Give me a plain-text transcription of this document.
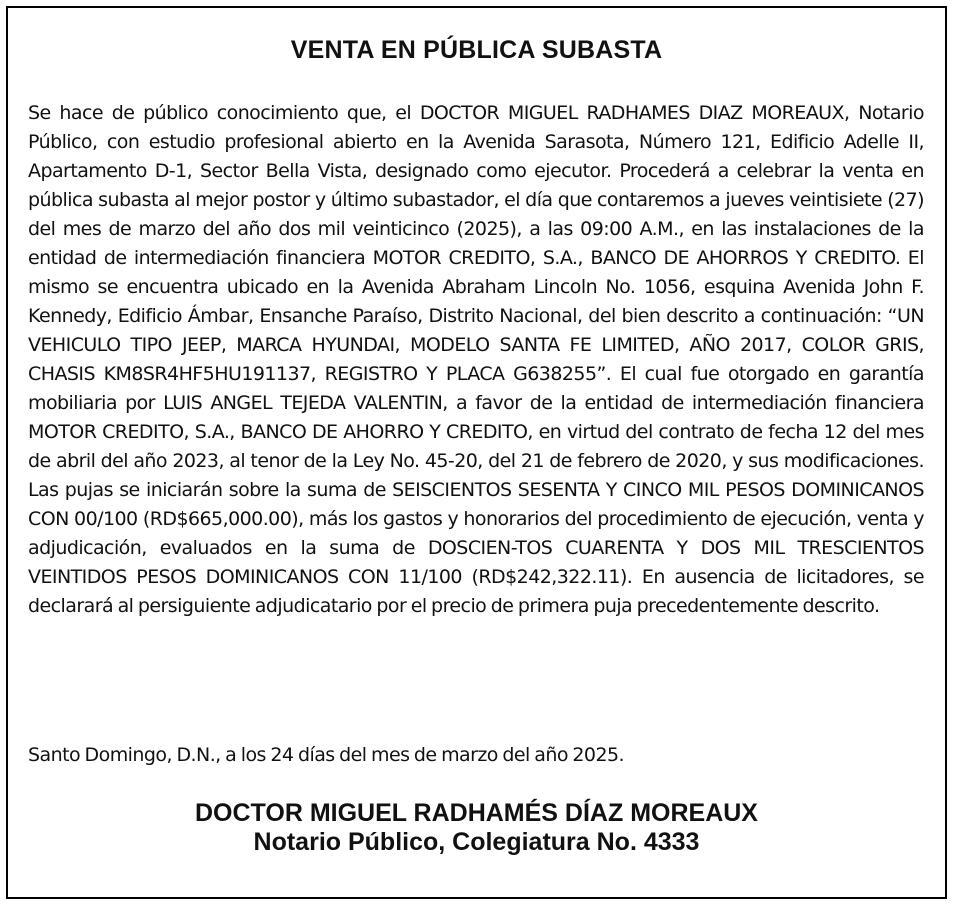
VENTA EN PÚBLICA SUBASTA
Se hace de público conocimiento que, el DOCTOR MIGUEL RADHAMES DIAZ MOREAUX, Notario Público, con estudio profesional abierto en la Avenida Sarasota, Número 121, Edificio Adelle II, Apartamento D-1, Sector Bella Vista, designado como ejecutor. Procederá a celebrar la venta en pública subasta al mejor postor y último subastador, el día que contaremos a jueves veintisiete (27) del mes de marzo del año dos mil veinticinco (2025), a las 09:00 A.M., en las instalaciones de la entidad de intermediación financiera MOTOR CREDITO, S.A., BANCO DE AHORROS Y CREDITO. El mismo se encuentra ubicado en la Avenida Abraham Lincoln No. 1056, esquina Avenida John F. Kennedy, Edificio Ámbar, Ensanche Paraíso, Distrito Nacional, del bien descrito a continuación: “UN VEHICULO TIPO JEEP, MARCA HYUNDAI, MODELO SANTA FE LIMITED, AÑO 2017, COLOR GRIS, CHASIS KM8SR4HF5HU191137, REGISTRO Y PLACA G638255”. El cual fue otorgado en garantía mobiliaria por LUIS ANGEL TEJEDA VALENTIN, a favor de la entidad de intermediación financiera MOTOR CREDITO, S.A., BANCO DE AHORRO Y CREDITO, en virtud del contrato de fecha 12 del mes de abril del año 2023, al tenor de la Ley No. 45-20, del 21 de febrero de 2020, y sus modificaciones. Las pujas se iniciarán sobre la suma de SEISCIENTOS SESENTA Y CINCO MIL PESOS DOMINICANOS CON 00/100 (RD$665,000.00), más los gastos y honorarios del procedimiento de ejecución, venta y adjudicación, evaluados en la suma de DOSCIEN-TOS CUARENTA Y DOS MIL TRESCIENTOS VEINTIDOS PESOS DOMINICANOS CON 11/100 (RD$242,322.11). En ausencia de licitadores, se declarará al persiguiente adjudicatario por el precio de primera puja precedentemente descrito.
Santo Domingo, D.N., a los 24 días del mes de marzo del año 2025.
DOCTOR MIGUEL RADHAMÉS DÍAZ MOREAUX
Notario Público, Colegiatura No. 4333
